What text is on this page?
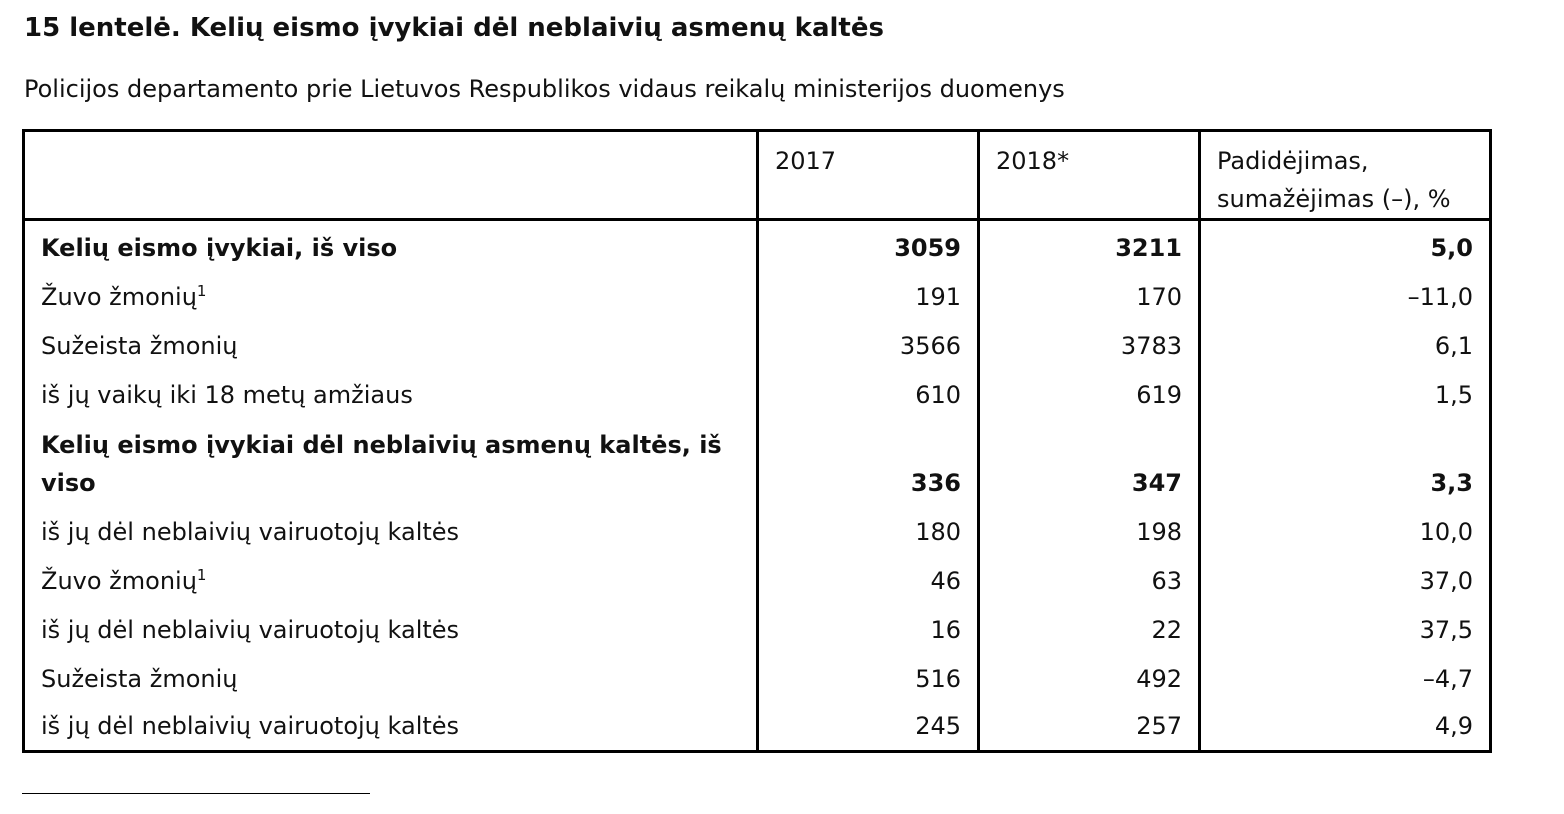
15 lentelė. Kelių eismo įvykiai dėl neblaivių asmenų kaltės

Policijos departamento prie Lietuvos Respublikos vidaus reikalų ministerijos duomenys

	2017	2018*	Padidėjimas,
sumažėjimas (–), %
Kelių eismo įvykiai, iš viso	3059	3211	5,0
Žuvo žmonių$^1$	191	170	–11,0
Sužeista žmonių	3566	3783	6,1
iš jų vaikų iki 18 metų amžiaus	610	619	1,5
Kelių eismo įvykiai dėl neblaivių asmenų kaltės, iš
viso	336	347	3,3
iš jų dėl neblaivių vairuotojų kaltės	180	198	10,0
Žuvo žmonių$^1$	46	63	37,0
iš jų dėl neblaivių vairuotojų kaltės	16	22	37,5
Sužeista žmonių	516	492	–4,7
iš jų dėl neblaivių vairuotojų kaltės	245	257	4,9
